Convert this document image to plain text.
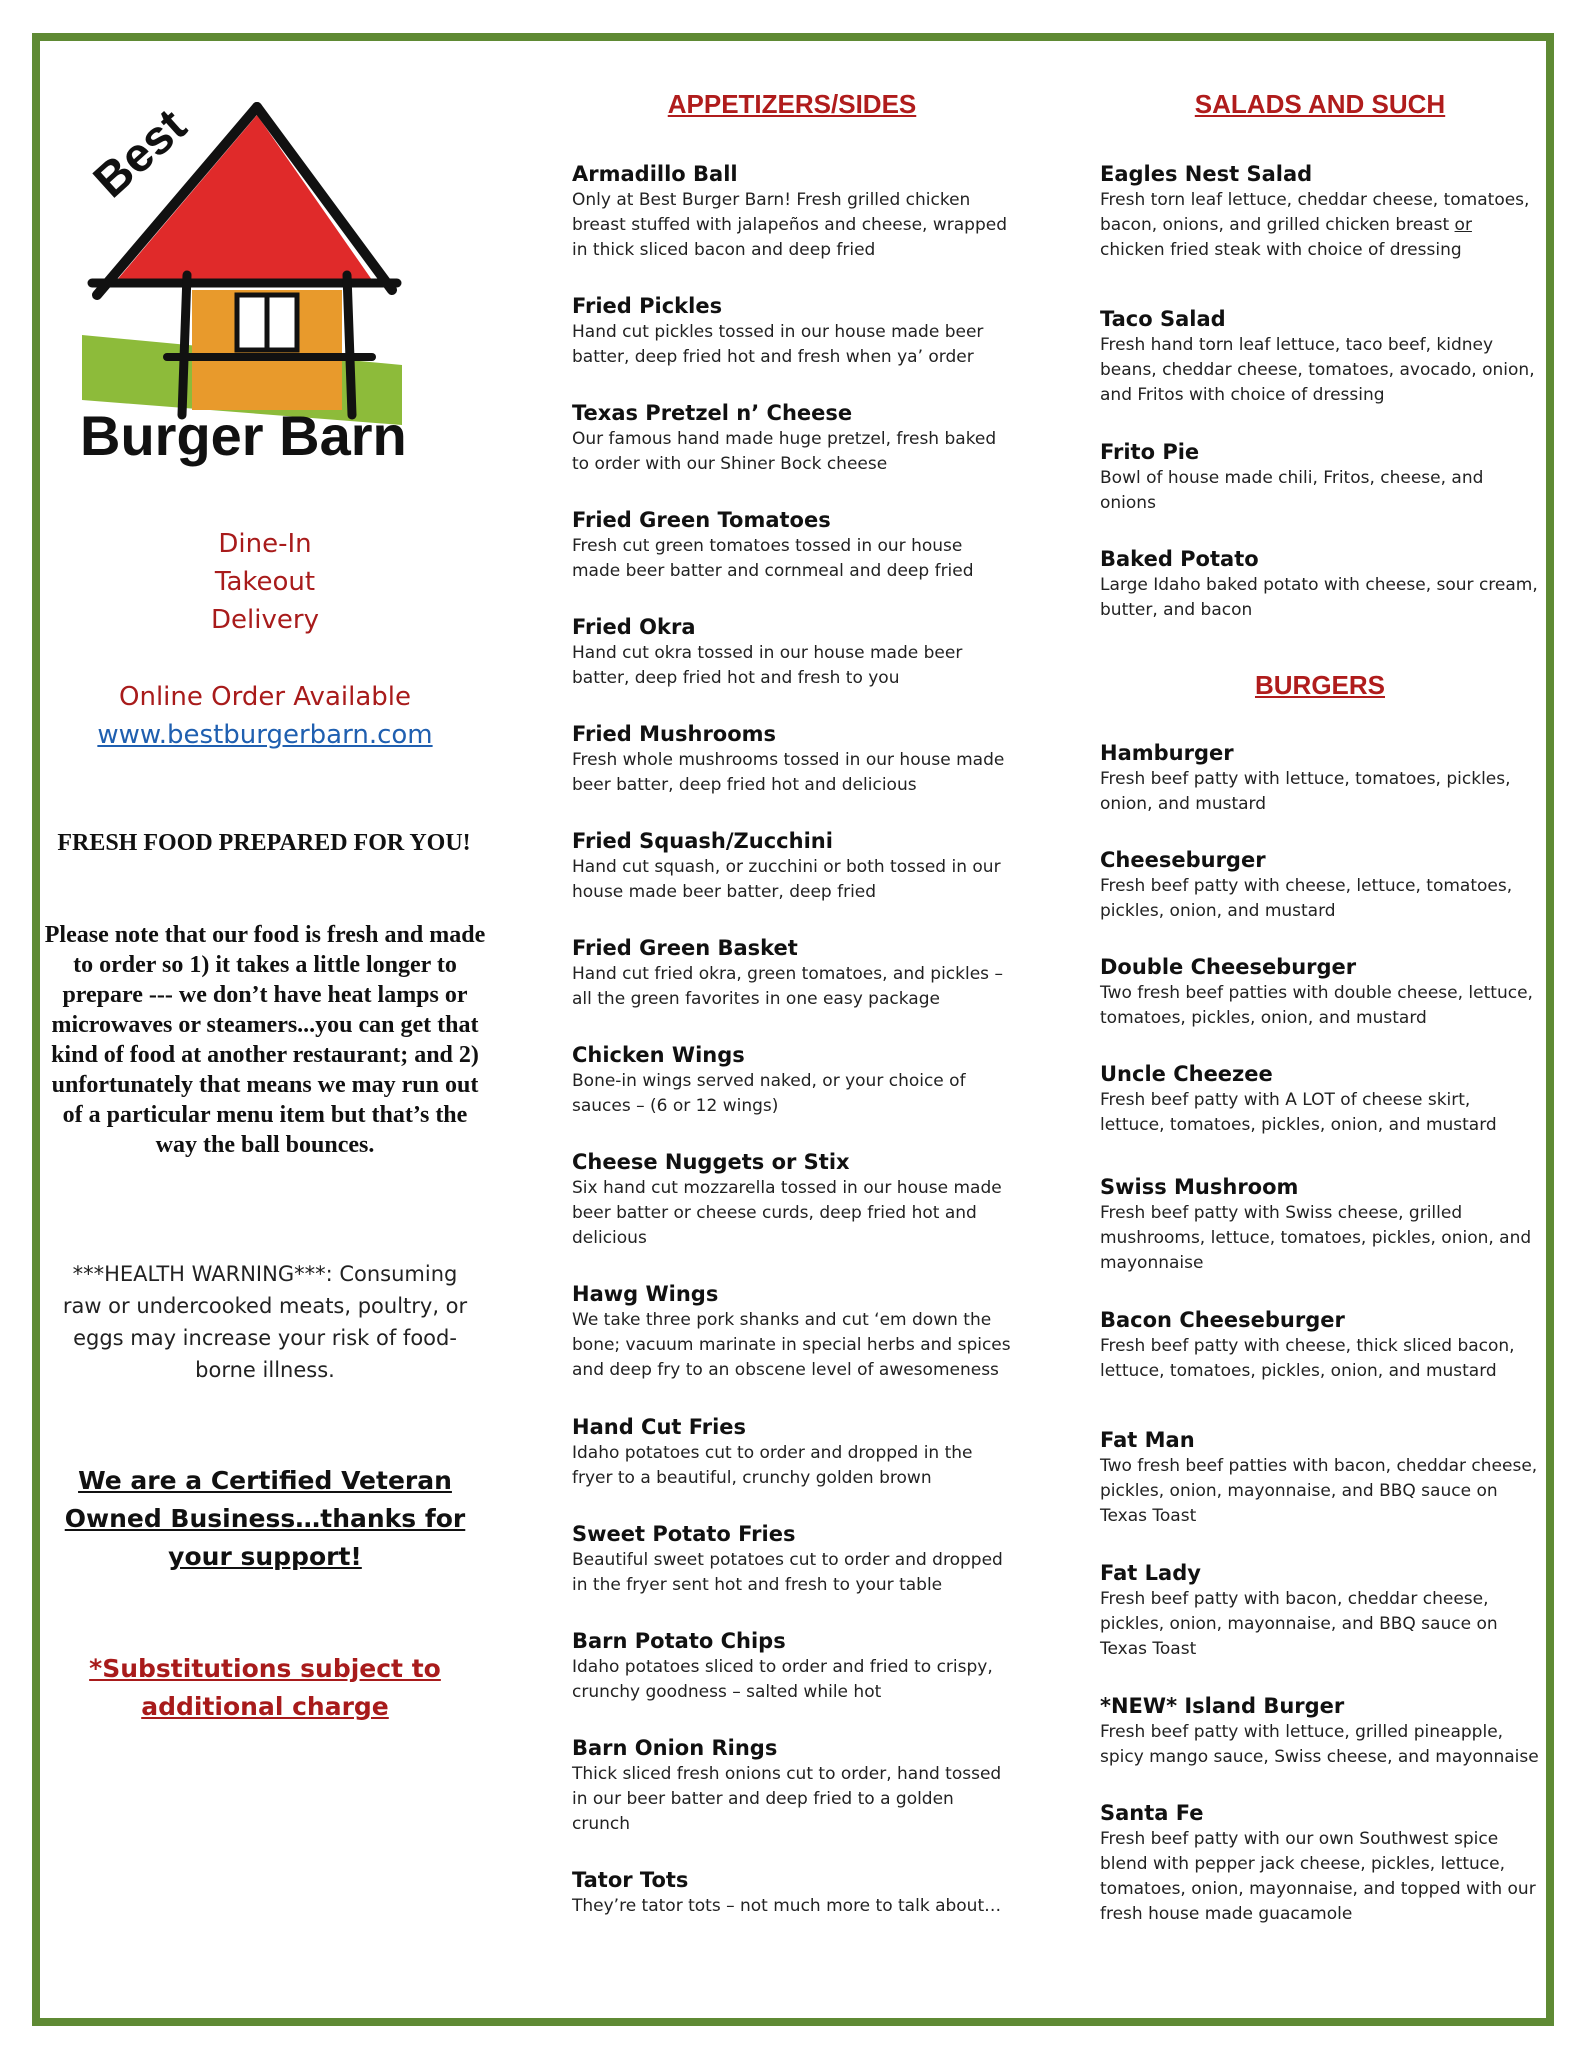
Best
Burger Barn
Dine-In
Takeout
Delivery
Online Order Available
www.bestburgerbarn.com
FRESH FOOD PREPARED FOR YOU!
Please note that our food is fresh and made to order so 1) it takes a little longer to prepare --- we don’t have heat lamps or microwaves or steamers...you can get that kind of food at another restaurant; and 2) unfortunately that means we may run out of a particular menu item but that’s the way the ball bounces.
***HEALTH WARNING***: Consuming raw or undercooked meats, poultry, or eggs may increase your risk of food-borne illness.
We are a Certified Veteran Owned Business…thanks for your support!
*Substitutions subject to additional charge
APPETIZERS/SIDES
Armadillo Ball
Only at Best Burger Barn! Fresh grilled chicken breast stuffed with jalapeños and cheese, wrapped in thick sliced bacon and deep fried
Fried Pickles
Hand cut pickles tossed in our house made beer batter, deep fried hot and fresh when ya’ order
Texas Pretzel n’ Cheese
Our famous hand made huge pretzel, fresh baked to order with our Shiner Bock cheese
Fried Green Tomatoes
Fresh cut green tomatoes tossed in our house made beer batter and cornmeal and deep fried
Fried Okra
Hand cut okra tossed in our house made beer batter, deep fried hot and fresh to you
Fried Mushrooms
Fresh whole mushrooms tossed in our house made beer batter, deep fried hot and delicious
Fried Squash/Zucchini
Hand cut squash, or zucchini or both tossed in our house made beer batter, deep fried
Fried Green Basket
Hand cut fried okra, green tomatoes, and pickles – all the green favorites in one easy package
Chicken Wings
Bone-in wings served naked, or your choice of sauces – (6 or 12 wings)
Cheese Nuggets or Stix
Six hand cut mozzarella tossed in our house made beer batter or cheese curds, deep fried hot and delicious
Hawg Wings
We take three pork shanks and cut ‘em down the bone; vacuum marinate in special herbs and spices and deep fry to an obscene level of awesomeness
Hand Cut Fries
Idaho potatoes cut to order and dropped in the fryer to a beautiful, crunchy golden brown
Sweet Potato Fries
Beautiful sweet potatoes cut to order and dropped in the fryer sent hot and fresh to your table
Barn Potato Chips
Idaho potatoes sliced to order and fried to crispy, crunchy goodness – salted while hot
Barn Onion Rings
Thick sliced fresh onions cut to order, hand tossed in our beer batter and deep fried to a golden crunch
Tator Tots
They’re tator tots – not much more to talk about…
SALADS AND SUCH
Eagles Nest Salad
Fresh torn leaf lettuce, cheddar cheese, tomatoes, bacon, onions, and grilled chicken breast or chicken fried steak with choice of dressing
Taco Salad
Fresh hand torn leaf lettuce, taco beef, kidney beans, cheddar cheese, tomatoes, avocado, onion, and Fritos with choice of dressing
Frito Pie
Bowl of house made chili, Fritos, cheese, and onions
Baked Potato
Large Idaho baked potato with cheese, sour cream, butter, and bacon
BURGERS
Hamburger
Fresh beef patty with lettuce, tomatoes, pickles, onion, and mustard
Cheeseburger
Fresh beef patty with cheese, lettuce, tomatoes, pickles, onion, and mustard
Double Cheeseburger
Two fresh beef patties with double cheese, lettuce, tomatoes, pickles, onion, and mustard
Uncle Cheezee
Fresh beef patty with A LOT of cheese skirt, lettuce, tomatoes, pickles, onion, and mustard
Swiss Mushroom
Fresh beef patty with Swiss cheese, grilled mushrooms, lettuce, tomatoes, pickles, onion, and mayonnaise
Bacon Cheeseburger
Fresh beef patty with cheese, thick sliced bacon, lettuce, tomatoes, pickles, onion, and mustard
Fat Man
Two fresh beef patties with bacon, cheddar cheese, pickles, onion, mayonnaise, and BBQ sauce on Texas Toast
Fat Lady
Fresh beef patty with bacon, cheddar cheese, pickles, onion, mayonnaise, and BBQ sauce on Texas Toast
*NEW* Island Burger
Fresh beef patty with lettuce, grilled pineapple, spicy mango sauce, Swiss cheese, and mayonnaise
Santa Fe
Fresh beef patty with our own Southwest spice blend with pepper jack cheese, pickles, lettuce, tomatoes, onion, mayonnaise, and topped with our fresh house made guacamole
